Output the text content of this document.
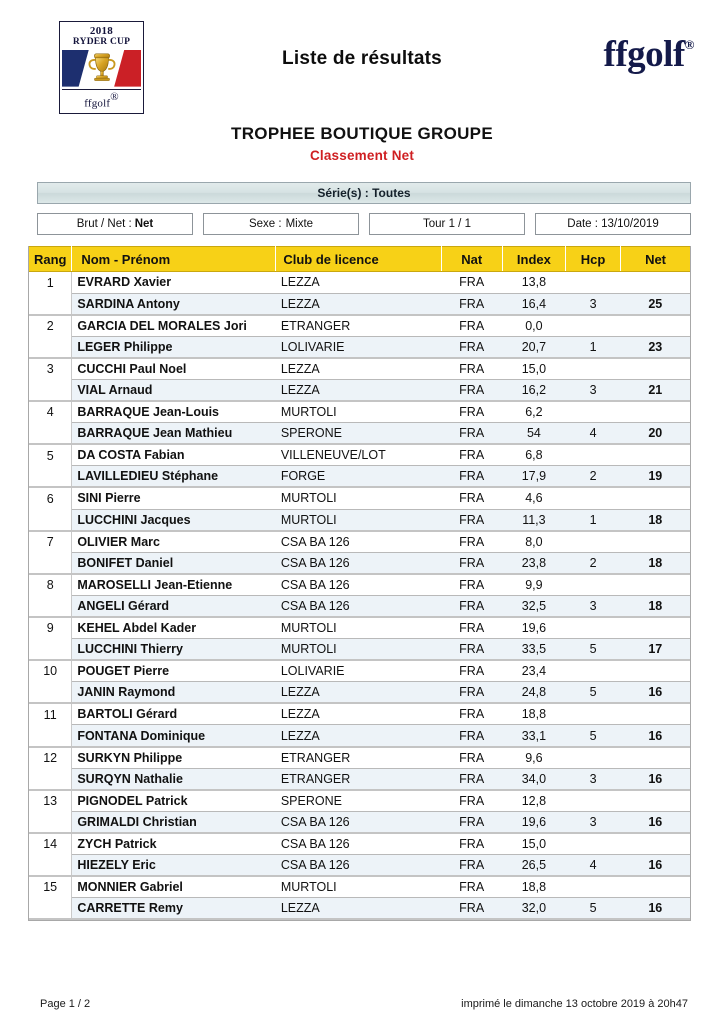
2018
RYDER CUP
ffgolf®
Liste de résultats	ffgolf®
TROPHEE BOUTIQUE GROUPE
Classement Net
Série(s) : Toutes
Brut / Net : Net	Sexe : Mixte	Tour 1 / 1	Date : 13/10/2019
Rang	Nom - Prénom	Club de licence	Nat	Index	Hcp	Net
1	EVRARD Xavier	LEZZA	FRA	13,8		
	SARDINA Antony	LEZZA	FRA	16,4	3	25
2	GARCIA DEL MORALES Jori	ETRANGER	FRA	0,0		
	LEGER Philippe	LOLIVARIE	FRA	20,7	1	23
3	CUCCHI Paul Noel	LEZZA	FRA	15,0		
	VIAL Arnaud	LEZZA	FRA	16,2	3	21
4	BARRAQUE Jean-Louis	MURTOLI	FRA	6,2		
	BARRAQUE Jean Mathieu	SPERONE	FRA	54	4	20
5	DA COSTA Fabian	VILLENEUVE/LOT	FRA	6,8		
	LAVILLEDIEU Stéphane	FORGE	FRA	17,9	2	19
6	SINI Pierre	MURTOLI	FRA	4,6		
	LUCCHINI Jacques	MURTOLI	FRA	11,3	1	18
7	OLIVIER Marc	CSA BA 126	FRA	8,0		
	BONIFET Daniel	CSA BA 126	FRA	23,8	2	18
8	MAROSELLI Jean-Etienne	CSA BA 126	FRA	9,9		
	ANGELI Gérard	CSA BA 126	FRA	32,5	3	18
9	KEHEL Abdel Kader	MURTOLI	FRA	19,6		
	LUCCHINI Thierry	MURTOLI	FRA	33,5	5	17
10	POUGET Pierre	LOLIVARIE	FRA	23,4		
	JANIN Raymond	LEZZA	FRA	24,8	5	16
11	BARTOLI Gérard	LEZZA	FRA	18,8		
	FONTANA Dominique	LEZZA	FRA	33,1	5	16
12	SURKYN Philippe	ETRANGER	FRA	9,6		
	SURQYN Nathalie	ETRANGER	FRA	34,0	3	16
13	PIGNODEL Patrick	SPERONE	FRA	12,8		
	GRIMALDI Christian	CSA BA 126	FRA	19,6	3	16
14	ZYCH Patrick	CSA BA 126	FRA	15,0		
	HIEZELY Eric	CSA BA 126	FRA	26,5	4	16
15	MONNIER Gabriel	MURTOLI	FRA	18,8		
	CARRETTE Remy	LEZZA	FRA	32,0	5	16
Page 1 / 2	imprimé le dimanche 13 octobre 2019 à 20h47
